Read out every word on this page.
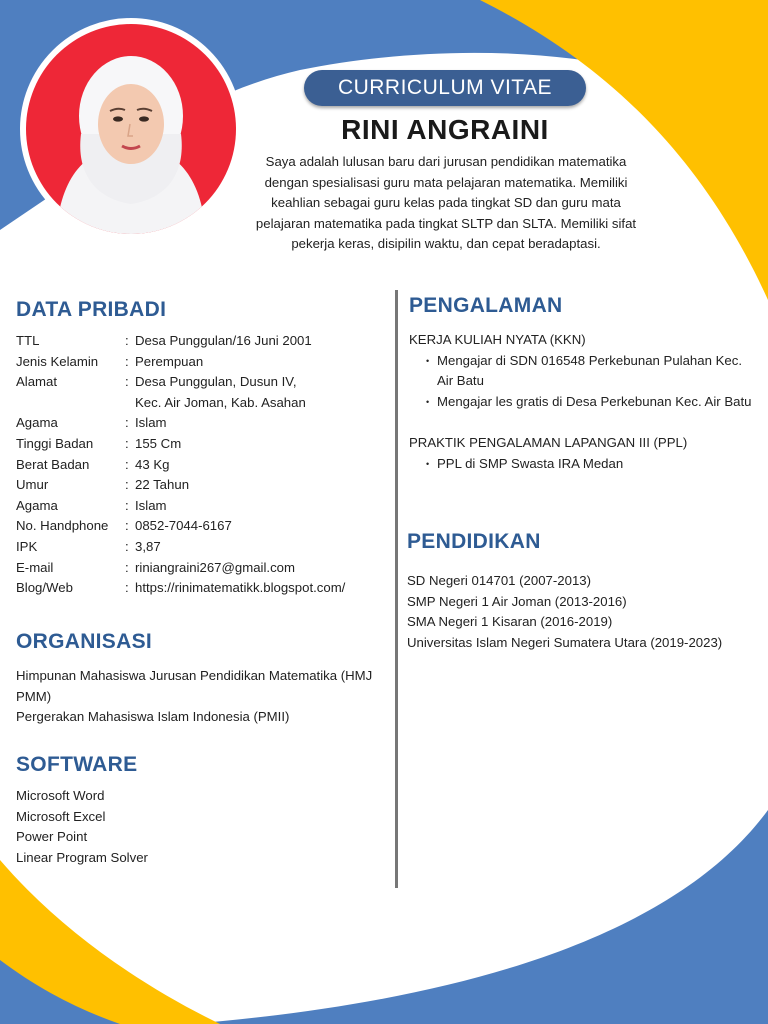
CURRICULUM VITAE
RINI ANGRAINI
Saya adalah lulusan baru dari jurusan pendidikan matematika dengan spesialisasi guru mata pelajaran matematika. Memiliki keahlian sebagai guru kelas pada tingkat SD dan guru mata pelajaran matematika pada tingkat SLTP dan SLTA. Memiliki sifat pekerja keras, disipilin waktu, dan cepat beradaptasi.
DATA PRIBADI
TTL	: Desa Punggulan/16 Juni 2001
Jenis Kelamin	: Perempuan
Alamat	: Desa Punggulan, Dusun IV,
Kec. Air Joman, Kab. Asahan
Agama	: Islam
Tinggi Badan	: 155 Cm
Berat Badan	: 43 Kg
Umur	: 22 Tahun
Agama	: Islam
No. Handphone	: 0852-7044-6167
IPK	: 3,87
E-mail	: riniangraini267@gmail.com
Blog/Web	: https://rinimatematikk.blogspot.com/
ORGANISASI
Himpunan Mahasiswa Jurusan Pendidikan Matematika (HMJ PMM)
Pergerakan Mahasiswa Islam Indonesia (PMII)
SOFTWARE
Microsoft Word
Microsoft Excel
Power Point
Linear Program Solver
PENGALAMAN
KERJA KULIAH NYATA (KKN)
• Mengajar di SDN 016548 Perkebunan Pulahan Kec. Air Batu
• Mengajar les gratis di Desa Perkebunan Kec. Air Batu
PRAKTIK PENGALAMAN LAPANGAN III (PPL)
• PPL di SMP Swasta IRA Medan
PENDIDIKAN
SD Negeri 014701 (2007-2013)
SMP Negeri 1 Air Joman (2013-2016)
SMA Negeri 1 Kisaran (2016-2019)
Universitas Islam Negeri Sumatera Utara (2019-2023)
